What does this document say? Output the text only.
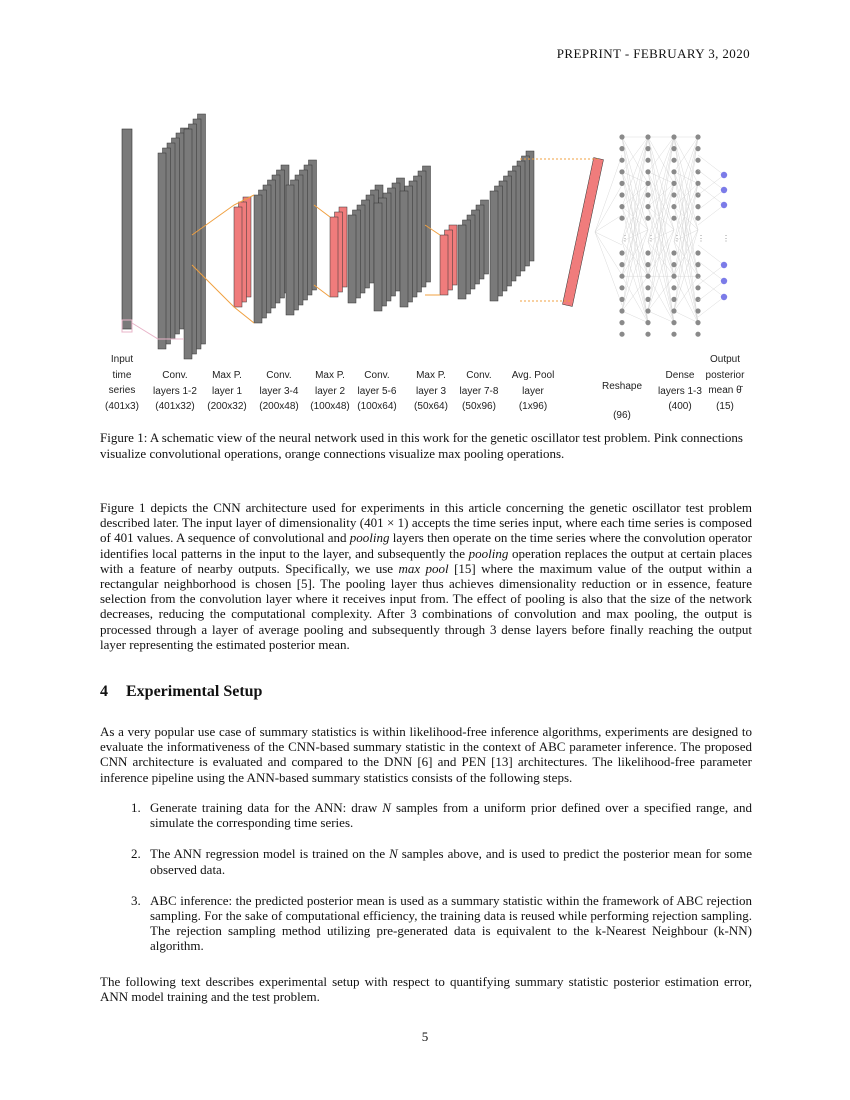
PREPRINT - FEBRUARY 3, 2020
⋮ ⋮ ⋮ ⋮ ⋮
Input
time
series
(401x3)
Conv.
layers 1-2
(401x32)
Max P.
layer 1
(200x32)
Conv.
layer 3-4
(200x48)
Max P.
layer 2
(100x48)
Conv.
layer 5-6
(100x64)
Max P.
layer 3
(50x64)
Conv.
layer 7-8
(50x96)
Avg. Pool
layer
(1x96)
Reshape
(96)
Dense
layers 1-3
(400)
Output
posterior
mean θ̄
(15)
Figure 1: A schematic view of the neural network used in this work for the genetic oscillator test problem. Pink connections visualize convolutional operations, orange connections visualize max pooling operations.
Figure 1 depicts the CNN architecture used for experiments in this article concerning the genetic oscillator test problem described later. The input layer of dimensionality (401 × 1) accepts the time series input, where each time series is composed of 401 values. A sequence of convolutional and pooling layers then operate on the time series where the convolution operator identifies local patterns in the input to the layer, and subsequently the pooling operation replaces the output at certain places with a feature of nearby outputs. Specifically, we use max pool [15] where the maximum value of the output within a rectangular neighborhood is chosen [5]. The pooling layer thus achieves dimensionality reduction or in essence, feature selection from the convolution layer where it receives input from. The effect of pooling is also that the size of the network decreases, reducing the computational complexity. After 3 combinations of convolution and max pooling, the output is processed through a layer of average pooling and subsequently through 3 dense layers before finally reaching the output layer representing the estimated posterior mean.
4 Experimental Setup
As a very popular use case of summary statistics is within likelihood-free inference algorithms, experiments are designed to evaluate the informativeness of the CNN-based summary statistic in the context of ABC parameter inference. The proposed CNN architecture is evaluated and compared to the DNN [6] and PEN [13] architectures. The likelihood-free parameter inference pipeline using the ANN-based summary statistics consists of the following steps.
1. Generate training data for the ANN: draw N samples from a uniform prior defined over a specified range, and simulate the corresponding time series.
2. The ANN regression model is trained on the N samples above, and is used to predict the posterior mean for some observed data.
3. ABC inference: the predicted posterior mean is used as a summary statistic within the framework of ABC rejection sampling. For the sake of computational efficiency, the training data is reused while performing rejection sampling. The rejection sampling method utilizing pre-generated data is equivalent to the k-Nearest Neighbour (k-NN) algorithm.
The following text describes experimental setup with respect to quantifying summary statistic posterior estimation error, ANN model training and the test problem.
5
